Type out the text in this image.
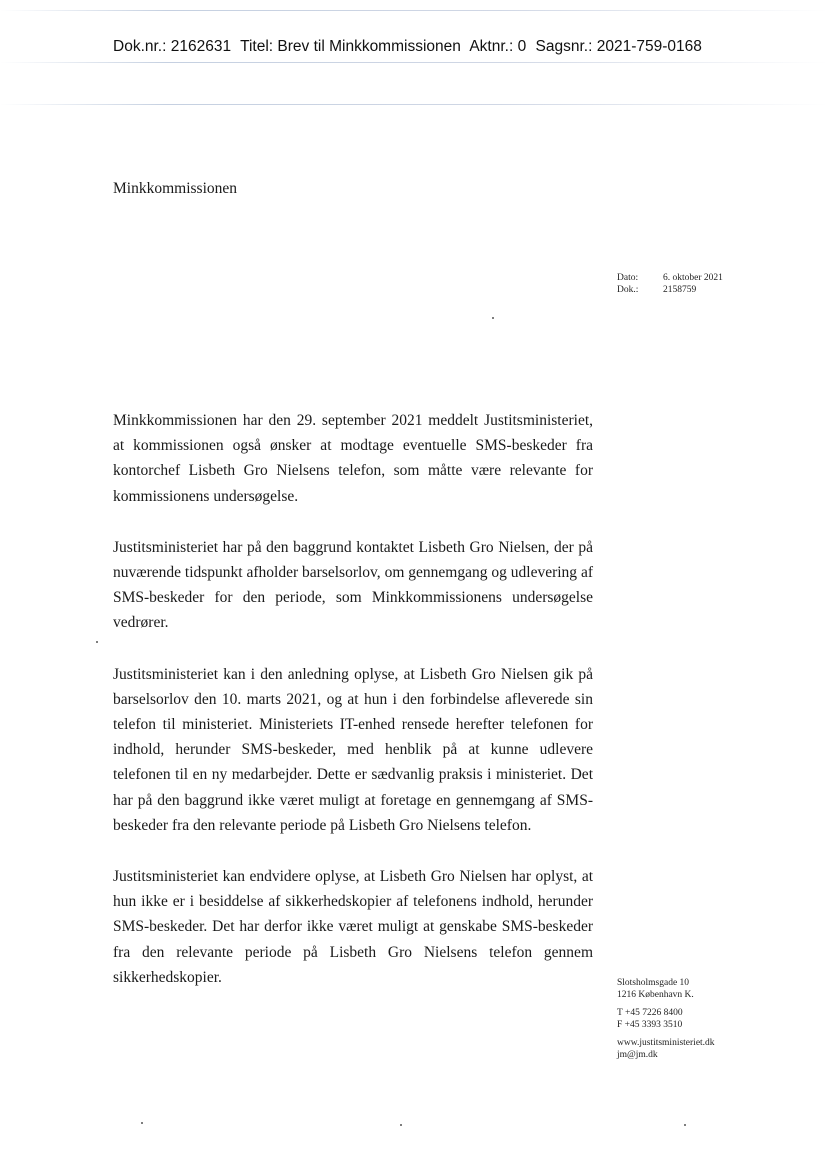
Dok.nr.: 2162631 Titel: Brev til Minkkommissionen Aktnr.: 0 Sagsnr.: 2021-759-0168
Minkkommissionen
Dato:	6. oktober 2021
Dok.:	2158759

Minkkommissionen har den 29. september 2021 meddelt Justitsministeriet, at kommissionen også ønsker at modtage eventuelle SMS-beskeder fra kontorchef Lisbeth Gro Nielsens telefon, som måtte være relevante for kommissionens undersøgelse.

Justitsministeriet har på den baggrund kontaktet Lisbeth Gro Nielsen, der på nuværende tidspunkt afholder barselsorlov, om gennemgang og udlevering af SMS-beskeder for den periode, som Minkkommissionens undersøgelse vedrører.

Justitsministeriet kan i den anledning oplyse, at Lisbeth Gro Nielsen gik på barselsorlov den 10. marts 2021, og at hun i den forbindelse afleverede sin telefon til ministeriet. Ministeriets IT-enhed rensede herefter telefonen for indhold, herunder SMS-beskeder, med henblik på at kunne udlevere telefonen til en ny medarbejder. Dette er sædvanlig praksis i ministeriet. Det har på den baggrund ikke været muligt at foretage en gennemgang af SMS-beskeder fra den relevante periode på Lisbeth Gro Nielsens telefon.

Justitsministeriet kan endvidere oplyse, at Lisbeth Gro Nielsen har oplyst, at hun ikke er i besiddelse af sikkerhedskopier af telefonens indhold, herunder SMS-beskeder. Det har derfor ikke været muligt at genskabe SMS-beskeder fra den relevante periode på Lisbeth Gro Nielsens telefon gennem sikkerhedskopier.	Slotsholmsgade 10
1216 København K.
T +45 7226 8400
F +45 3393 3510
www.justitsministeriet.dk
jm@jm.dk
